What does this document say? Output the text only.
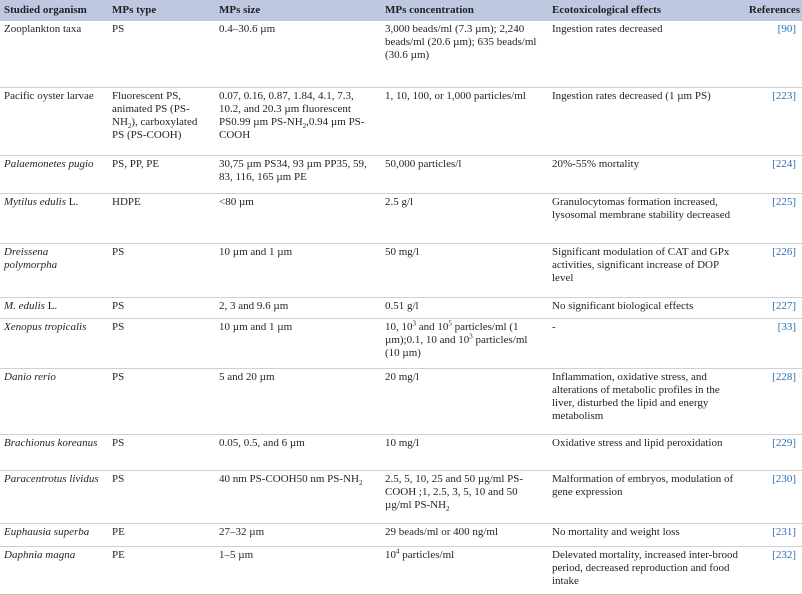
Studied organism	MPs type	MPs size	MPs concentration	Ecotoxicological effects	References
Zooplankton taxa	PS	0.4–30.6 µm	3,000 beads/ml (7.3 µm); 2,240 beads/ml (20.6 µm); 635 beads/ml (30.6 µm)	Ingestion rates decreased	[90]
Pacific oyster larvae	Fluorescent PS, animated PS $(PS-NH_2)$, carboxylated PS (PS-COOH)	0.07, 0.16, 0.87, 1.84, 4.1, 7.3, 10.2, and 20.3 µm fluorescent PS0.99 µm $PS-NH_2,0.94$ µm PS-COOH	1, 10, 100, or 1,000 particles/ml	Ingestion rates decreased (1 µm PS)	[223]
Palaemonetes pugio	PS, PP, PE	30,75 µm PS34, 93 µm PP35, 59, 83, 116, 165 µm PE	50,000 particles/l	20%-55% mortality	[224]
Mytilus edulis L.	HDPE	<80 µm	2.5 g/l	Granulocytomas formation increased, lysosomal membrane stability decreased	[225]
Dreissena polymorpha	PS	10 µm and 1 µm	50 mg/l	Significant modulation of CAT and GPx activities, significant increase of DOP level	[226]
M. edulis L.	PS	2, 3 and 9.6 µm	0.51 g/l	No significant biological effects	[227]
Xenopus tropicalis	PS	10 µm and 1 µm	10, $10^3$ and $10^5$ particles/ml (1 µm);0.1, 10 and $10^3$ particles/ml (10 µm)	-	[33]
Danio rerio	PS	5 and 20 µm	20 mg/l	Inflammation, oxidative stress, and alterations of metabolic profiles in the liver, disturbed the lipid and energy metabolism	[228]
Brachionus koreanus	PS	0.05, 0.5, and 6 µm	10 mg/l	Oxidative stress and lipid peroxidation	[229]
Paracentrotus lividus	PS	40 nm PS-COOH50 nm $PS-NH_2$	2.5, 5, 10, 25 and 50 µg/ml PS-COOH ;1, 2.5, 3, 5, 10 and 50 µg/ml $PS-NH_2$	Malformation of embryos, modulation of gene expression	[230]
Euphausia superba	PE	27–32 µm	29 beads/ml or 400 ng/ml	No mortality and weight loss	[231]
Daphnia magna	PE	1–5 µm	$10^4$ particles/ml	Delevated mortality, increased inter-brood period, decreased reproduction and food intake	[232]
